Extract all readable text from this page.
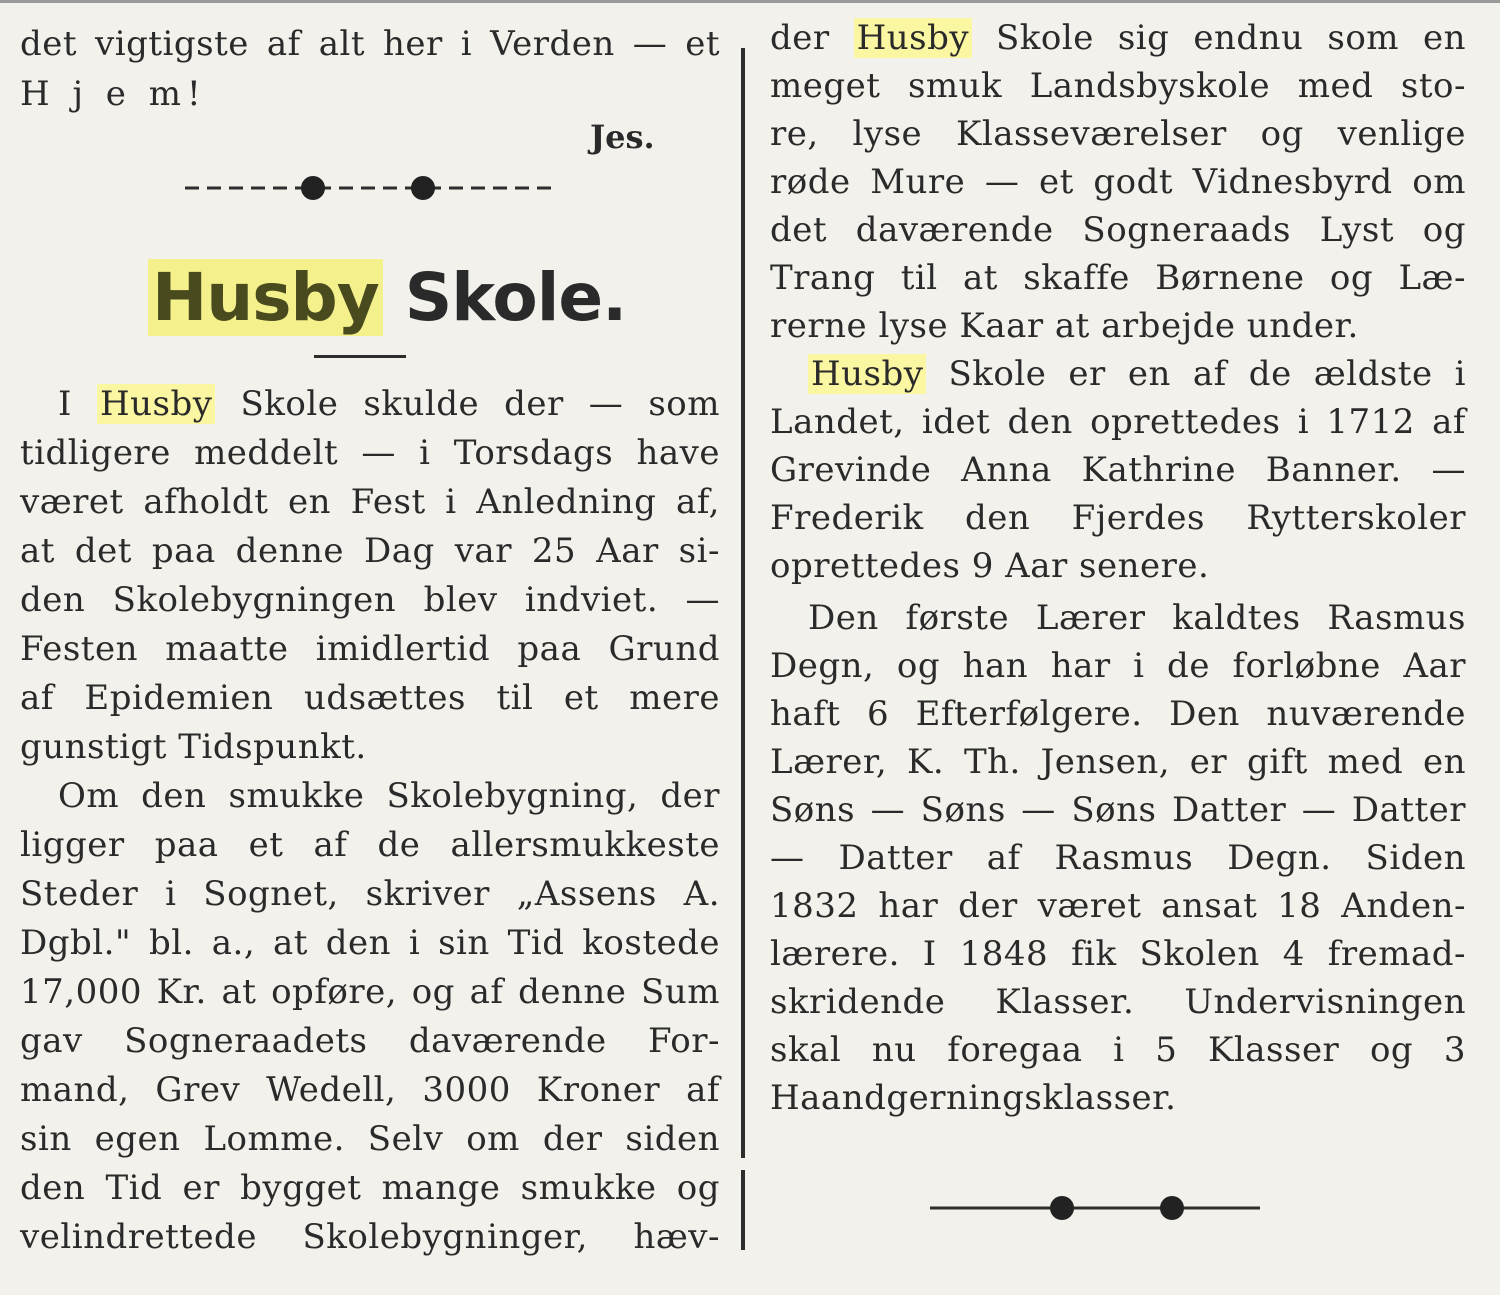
det vigtigste af alt her i Verden — et
H j e m!
Jes.
Husby Skole.
I Husby Skole skulde der — som
tidligere meddelt — i Torsdags have
været afholdt en Fest i Anledning af,
at det paa denne Dag var 25 Aar si-
den Skolebygningen blev indviet. —
Festen maatte imidlertid paa Grund
af Epidemien udsættes til et mere
gunstigt Tidspunkt.
Om den smukke Skolebygning, der
ligger paa et af de allersmukkeste
Steder i Sognet, skriver „Assens A.
Dgbl." bl. a., at den i sin Tid kostede
17,000 Kr. at opføre, og af denne Sum
gav Sogneraadets daværende For-
mand, Grev Wedell, 3000 Kroner af
sin egen Lomme. Selv om der siden
den Tid er bygget mange smukke og
velindrettede Skolebygninger, hæv-
der Husby Skole sig endnu som en
meget smuk Landsbyskole med sto-
re, lyse Klasseværelser og venlige
røde Mure — et godt Vidnesbyrd om
det daværende Sogneraads Lyst og
Trang til at skaffe Børnene og Læ-
rerne lyse Kaar at arbejde under.
Husby Skole er en af de ældste i
Landet, idet den oprettedes i 1712 af
Grevinde Anna Kathrine Banner. —
Frederik den Fjerdes Rytterskoler
oprettedes 9 Aar senere.
Den første Lærer kaldtes Rasmus
Degn, og han har i de forløbne Aar
haft 6 Efterfølgere. Den nuværende
Lærer, K. Th. Jensen, er gift med en
Søns — Søns — Søns Datter — Datter
— Datter af Rasmus Degn. Siden
1832 har der været ansat 18 Anden-
lærere. I 1848 fik Skolen 4 fremad-
skridende Klasser. Undervisningen
skal nu foregaa i 5 Klasser og 3
Haandgerningsklasser.
